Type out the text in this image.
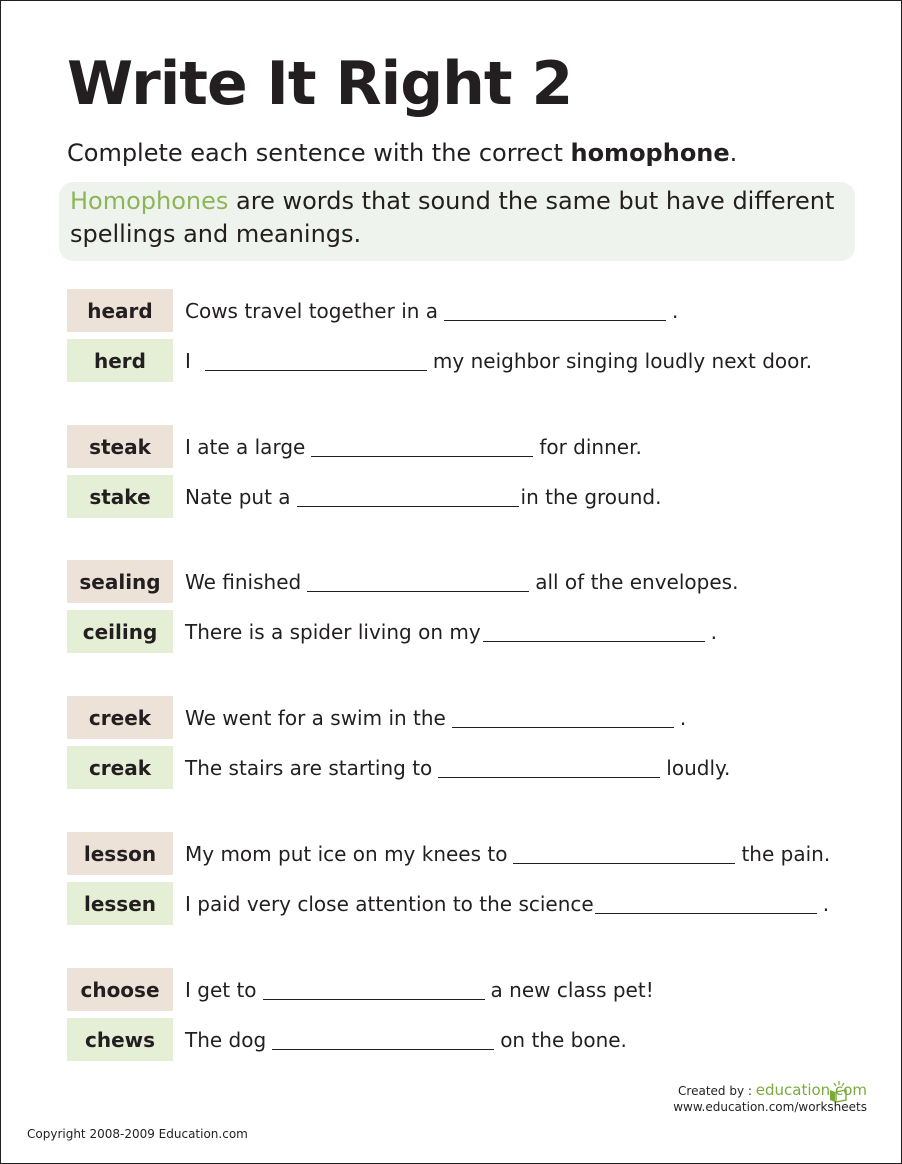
Write It Right 2
Complete each sentence with the correct homophone.
Homophones are words that sound the same but have different spellings and meanings.
heard	Cows travel together in a	.
herd	I	my neighbor singing loudly next door.
steak	I ate a large	for dinner.
stake	Nate put a	in the ground.
sealing	We finished	all of the envelopes.
ceiling	There is a spider living on my	.
creek	We went for a swim in the	.
creak	The stairs are starting to	loudly.
lesson	My mom put ice on my knees to	the pain.
lessen	I paid very close attention to the science	.
choose	I get to	a new class pet!
chews	The dog	on the bone.
Copyright 2008-2009 Education.com
Created by : education.com
www.education.com/worksheets
